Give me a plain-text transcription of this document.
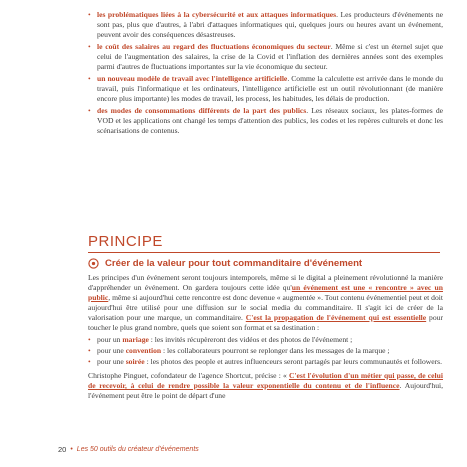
• les problématiques liées à la cybersécurité et aux attaques informatiques. Les producteurs d'événements ne sont pas, plus que d'autres, à l'abri d'attaques informatiques qui, quelques jours ou heures avant un événement, peuvent avoir des conséquences désastreuses.

• le coût des salaires au regard des fluctuations économiques du secteur. Même si c'est un éternel sujet que celui de l'augmentation des salaires, la crise de la Covid et l'inflation des dernières années sont des exemples parmi d'autres de fluctuations importantes sur la vie économique du secteur.

• un nouveau modèle de travail avec l'intelligence artificielle. Comme la calculette est arrivée dans le monde du travail, puis l'informatique et les ordinateurs, l'intelligence artificielle est un outil révolutionnant (de manière encore plus importante) les modes de travail, les process, les habitudes, les délais de production.

• des modes de consommations différents de la part des publics. Les réseaux sociaux, les plates-formes de VOD et les applications ont changé les temps d'attention des publics, les codes et les repères culturels et donc les scénarisations de contenus.

PRINCIPE
Créer de la valeur pour tout commanditaire d'événement

Les principes d'un événement seront toujours intemporels, même si le digital a pleinement révolutionné la manière d'appréhender un événement. On gardera toujours cette idée qu'un événement est une « rencontre » avec un public, même si aujourd'hui cette rencontre est donc devenue « augmentée ». Tout contenu événementiel peut et doit aujourd'hui être utilisé pour une diffusion sur le social media du commanditaire. Il s'agit ici de créer de la valorisation pour une marque, un commanditaire. C'est la propagation de l'événement qui est essentielle pour toucher le plus grand nombre, quels que soient son format et sa destination :

• pour un mariage : les invités récupèreront des vidéos et des photos de l'événement ;

• pour une convention : les collaborateurs pourront se replonger dans les messages de la marque ;

• pour une soirée : les photos des people et autres influenceurs seront partagés par leurs communautés et followers.

Christophe Pinguet, cofondateur de l'agence Shortcut, précise : « C'est l'évolution d'un métier qui passe, de celui de recevoir, à celui de rendre possible la valeur exponentielle du contenu et de l'influence. Aujourd'hui, l'événement peut être le point de départ d'une

20 • Les 50 outils du créateur d'événements
